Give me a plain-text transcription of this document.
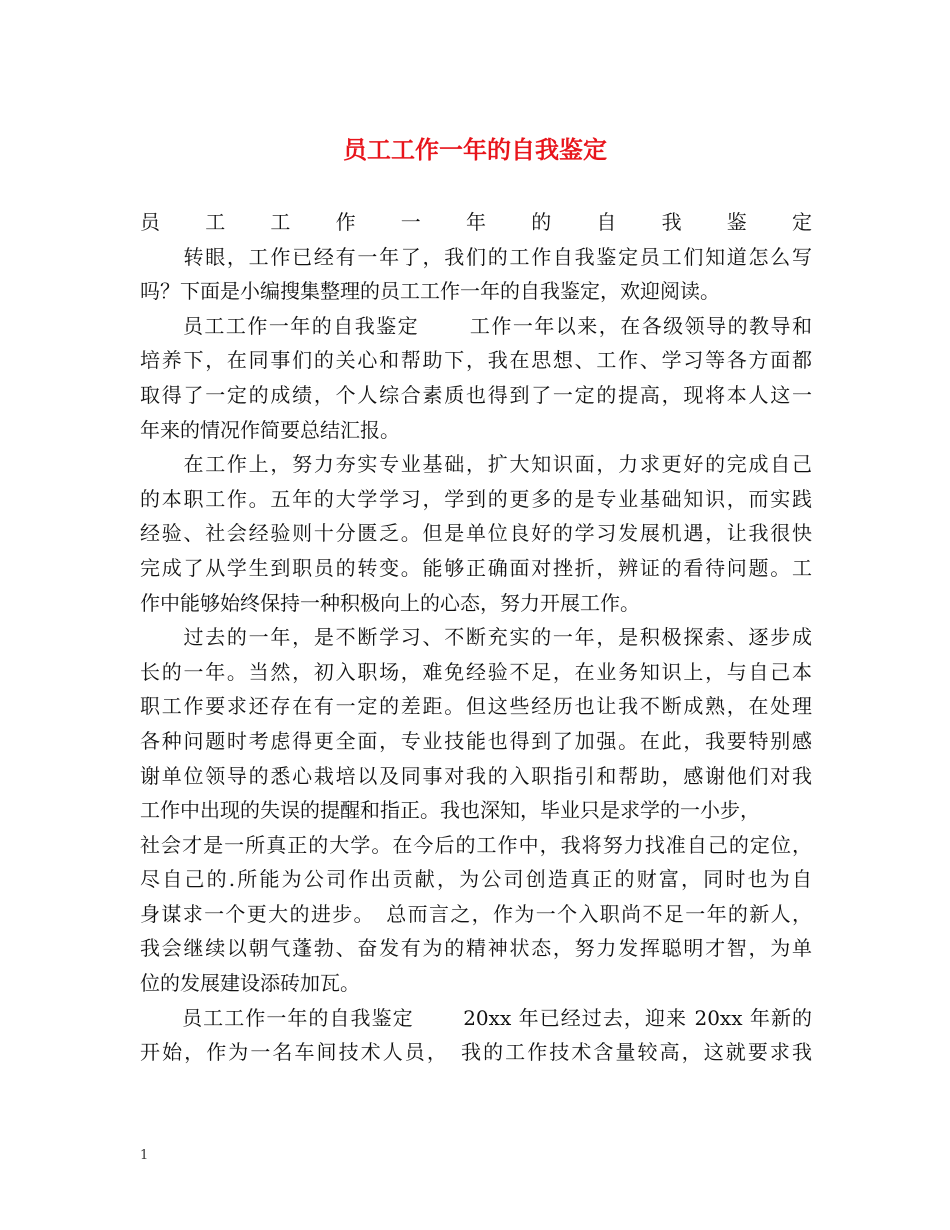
员工工作一年的自我鉴定
员工工作一年的自我鉴定
　　转眼，工作已经有一年了，我们的工作自我鉴定员工们知道怎么写
吗？下面是小编搜集整理的员工工作一年的自我鉴定，欢迎阅读。
　　员工工作一年的自我鉴定　　 工作一年以来，在各级领导的教导和
培养下，在同事们的关心和帮助下，我在思想、工作、学习等各方面都
取得了一定的成绩，个人综合素质也得到了一定的提高，现将本人这一
年来的情况作简要总结汇报。
　　在工作上，努力夯实专业基础，扩大知识面，力求更好的完成自己
的本职工作。五年的大学学习，学到的更多的是专业基础知识，而实践
经验、社会经验则十分匮乏。但是单位良好的学习发展机遇，让我很快
完成了从学生到职员的转变。能够正确面对挫折，辨证的看待问题。工
作中能够始终保持一种积极向上的心态，努力开展工作。
　　过去的一年，是不断学习、不断充实的一年，是积极探索、逐步成
长的一年。当然，初入职场，难免经验不足，在业务知识上，与自己本
职工作要求还存在有一定的差距。但这些经历也让我不断成熟，在处理
各种问题时考虑得更全面，专业技能也得到了加强。在此，我要特别感
谢单位领导的悉心栽培以及同事对我的入职指引和帮助，感谢他们对我
工作中出现的失误的提醒和指正。我也深知，毕业只是求学的一小步，
社会才是一所真正的大学。在今后的工作中，我将努力找准自己的定位，
尽自己的.所能为公司作出贡献，为公司创造真正的财富，同时也为自
身谋求一个更大的进步。　总而言之，作为一个入职尚不足一年的新人，
我会继续以朝气蓬勃、奋发有为的精神状态，努力发挥聪明才智，为单
位的发展建设添砖加瓦。
　　员工工作一年的自我鉴定　　 20xx 年已经过去，迎来 20xx 年新的
开始，作为一名车间技术人员，　我的工作技术含量较高，这就要求我
1
